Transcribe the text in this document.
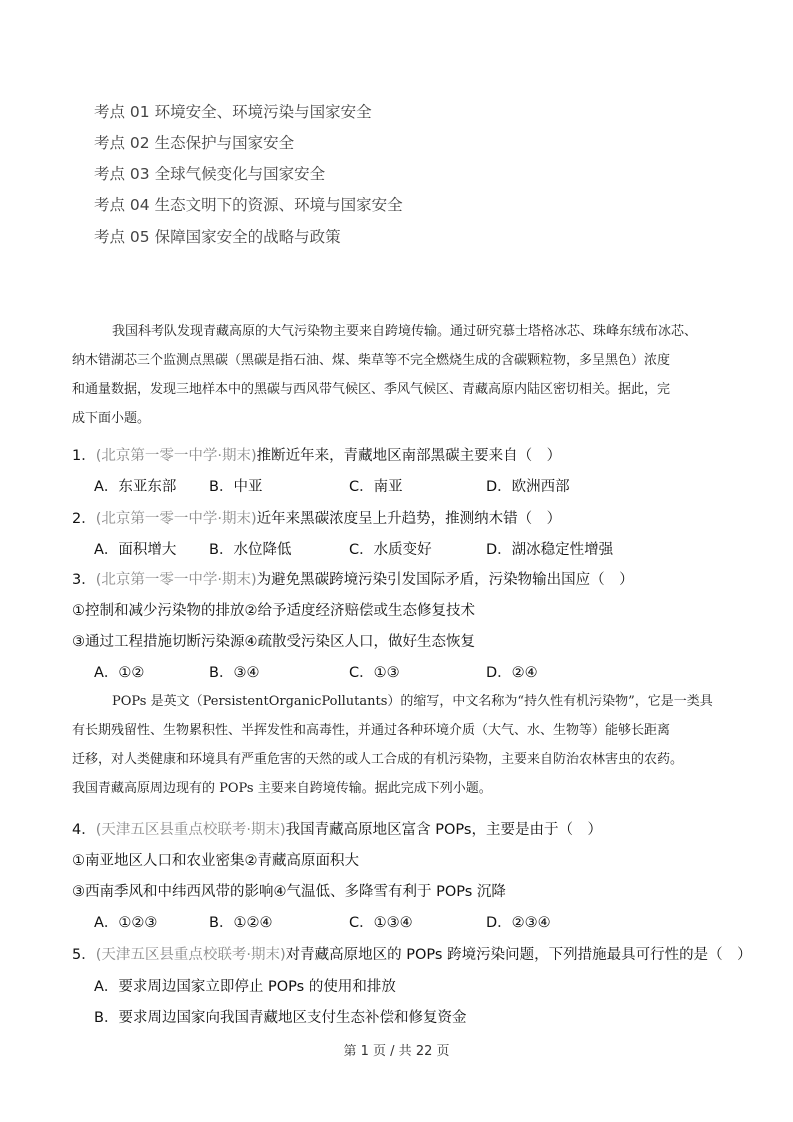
考点 01 环境安全、环境污染与国家安全
考点 02 生态保护与国家安全
考点 03 全球气候变化与国家安全
考点 04 生态文明下的资源、环境与国家安全
考点 05 保障国家安全的战略与政策
我国科考队发现青藏高原的大气污染物主要来自跨境传输。通过研究慕士塔格冰芯、珠峰东绒布冰芯、
纳木错湖芯三个监测点黑碳（黑碳是指石油、煤、柴草等不完全燃烧生成的含碳颗粒物，多呈黑色）浓度
和通量数据，发现三地样本中的黑碳与西风带气候区、季风气候区、青藏高原内陆区密切相关。据此，完
成下面小题。
1．(北京第一零一中学·期末)推断近年来，青藏地区南部黑碳主要来自（　）
A．东亚东部 B．中亚	C．南亚	D．欧洲西部
2．(北京第一零一中学·期末)近年来黑碳浓度呈上升趋势，推测纳木错（　）
A．面积增大 B．水位降低	C．水质变好	D．湖冰稳定性增强
3．(北京第一零一中学·期末)为避免黑碳跨境污染引发国际矛盾，污染物输出国应（　）
①控制和减少污染物的排放②给予适度经济赔偿或生态修复技术
③通过工程措施切断污染源④疏散受污染区人口，做好生态恢复
A．①②	B．③④	C．①③	D．②④
POPs 是英文（PersistentOrganicPollutants）的缩写，中文名称为“持久性有机污染物”，它是一类具
有长期残留性、生物累积性、半挥发性和高毒性，并通过各种环境介质（大气、水、生物等）能够长距离
迁移，对人类健康和环境具有严重危害的天然的或人工合成的有机污染物，主要来自防治农林害虫的农药。
我国青藏高原周边现有的 POPs 主要来自跨境传输。据此完成下列小题。
4．(天津五区县重点校联考·期末)我国青藏高原地区富含 POPs，主要是由于（　）
①南亚地区人口和农业密集②青藏高原面积大
③西南季风和中纬西风带的影响④气温低、多降雪有利于 POPs 沉降
A．①②③	B．①②④	C．①③④	D．②③④
5．(天津五区县重点校联考·期末)对青藏高原地区的 POPs 跨境污染问题，下列措施最具可行性的是（　）
A．要求周边国家立即停止 POPs 的使用和排放
B．要求周边国家向我国青藏地区支付生态补偿和修复资金
第 1 页 / 共 22 页
